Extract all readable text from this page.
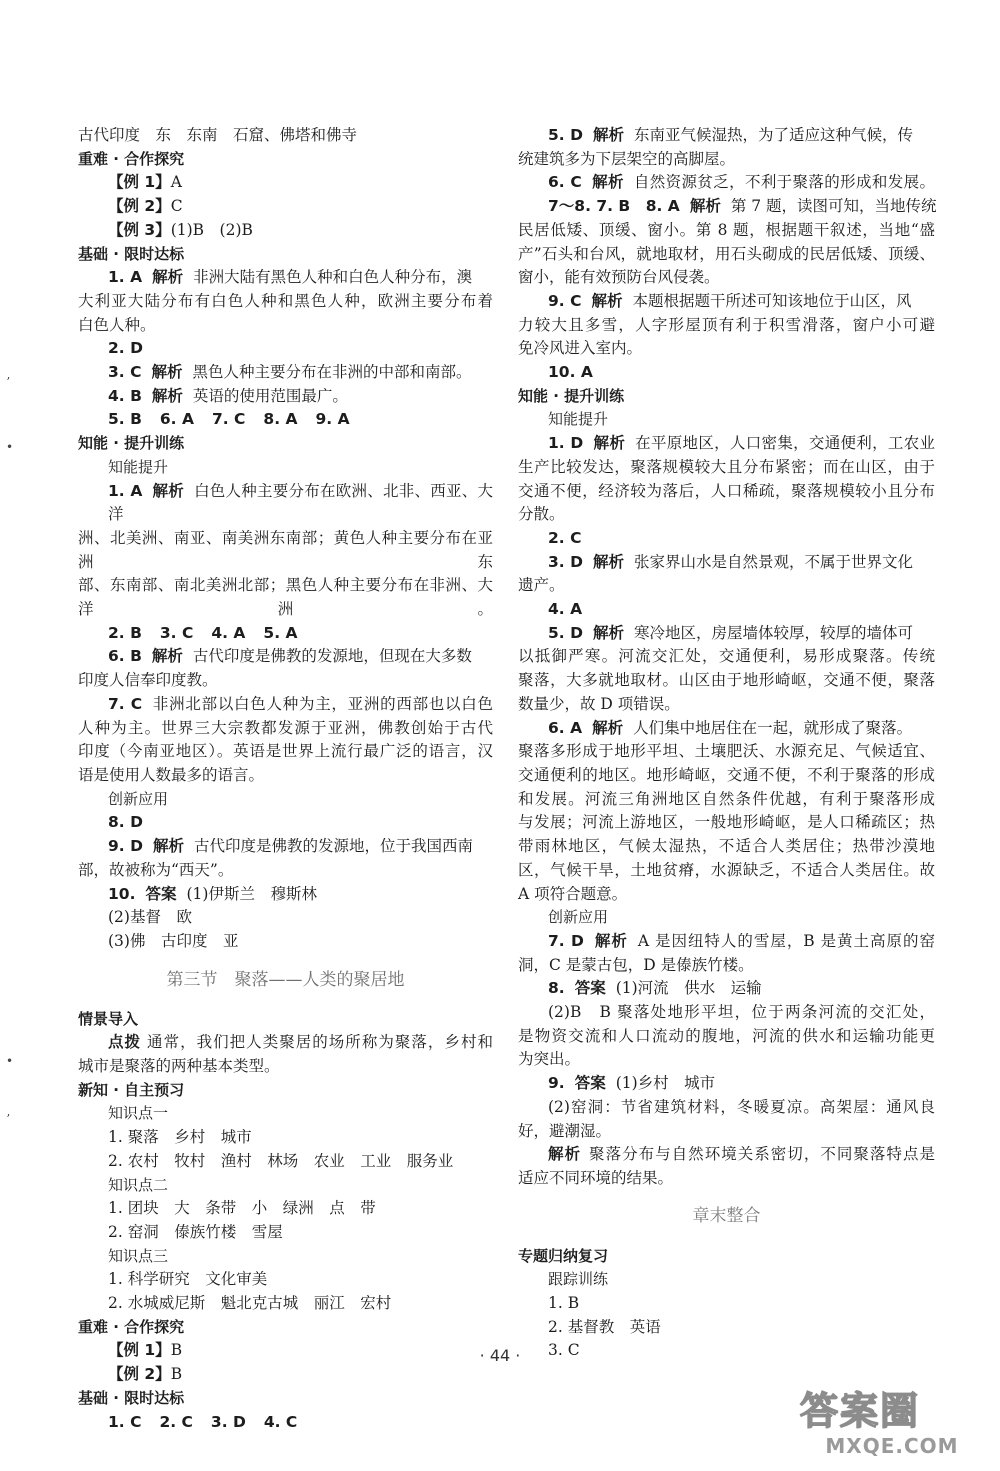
古代印度　东　东南　石窟、佛塔和佛寺
重难 · 合作探究
【例 1】A
【例 2】C
【例 3】(1)B　(2)B
基础 · 限时达标
1. A 解析 非洲大陆有黑色人种和白色人种分布，澳
大利亚大陆分布有白色人种和黑色人种，欧洲主要分布着
白色人种。
2. D
3. C 解析 黑色人种主要分布在非洲的中部和南部。
4. B 解析 英语的使用范围最广。
5. B 6. A 7. C 8. A 9. A
知能 · 提升训练
知能提升
1. A 解析 白色人种主要分布在欧洲、北非、西亚、大洋
洲、北美洲、南亚、南美洲东南部；黄色人种主要分布在亚洲东
部、东南部、南北美洲北部；黑色人种主要分布在非洲、大洋洲。
2. B 3. C 4. A 5. A
6. B 解析 古代印度是佛教的发源地，但现在大多数
印度人信奉印度教。
7. C 非洲北部以白色人种为主，亚洲的西部也以白色
人种为主。世界三大宗教都发源于亚洲，佛教创始于古代
印度（今南亚地区）。英语是世界上流行最广泛的语言，汉
语是使用人数最多的语言。
创新应用
8. D
9. D 解析 古代印度是佛教的发源地，位于我国西南
部，故被称为“西天”。
10. 答案 (1)伊斯兰　穆斯林
(2)基督　欧
(3)佛　古印度　亚
第三节　聚落——人类的聚居地
情景导入
点拨 通常，我们把人类聚居的场所称为聚落，乡村和
城市是聚落的两种基本类型。
新知 · 自主预习
知识点一
1. 聚落　乡村　城市
2. 农村　牧村　渔村　林场　农业　工业　服务业
知识点二
1. 团块　大　条带　小　绿洲　点　带
2. 窑洞　傣族竹楼　雪屋
知识点三
1. 科学研究　文化审美
2. 水城威尼斯　魁北克古城　丽江　宏村
重难 · 合作探究
【例 1】B
【例 2】B
基础 · 限时达标
1. C 2. C 3. D 4. C
5. D 解析 东南亚气候湿热，为了适应这种气候，传
统建筑多为下层架空的高脚屋。
6. C 解析 自然资源贫乏，不利于聚落的形成和发展。
7～8. 7. B　8. A 解析 第 7 题，读图可知，当地传统
民居低矮、顶缓、窗小。第 8 题，根据题干叙述，当地“盛
产”石头和台风，就地取材，用石头砌成的民居低矮、顶缓、
窗小，能有效预防台风侵袭。
9. C 解析 本题根据题干所述可知该地位于山区，风
力较大且多雪，人字形屋顶有利于积雪滑落，窗户小可避
免冷风进入室内。
10. A
知能 · 提升训练
知能提升
1. D 解析 在平原地区，人口密集，交通便利，工农业
生产比较发达，聚落规模较大且分布紧密；而在山区，由于
交通不便，经济较为落后，人口稀疏，聚落规模较小且分布
分散。
2. C
3. D 解析 张家界山水是自然景观，不属于世界文化
遗产。
4. A
5. D 解析 寒冷地区，房屋墙体较厚，较厚的墙体可
以抵御严寒。河流交汇处，交通便利，易形成聚落。传统
聚落，大多就地取材。山区由于地形崎岖，交通不便，聚落
数量少，故 D 项错误。
6. A 解析 人们集中地居住在一起，就形成了聚落。
聚落多形成于地形平坦、土壤肥沃、水源充足、气候适宜、
交通便利的地区。地形崎岖，交通不便，不利于聚落的形成
和发展。河流三角洲地区自然条件优越，有利于聚落形成
与发展；河流上游地区，一般地形崎岖，是人口稀疏区；热
带雨林地区，气候太湿热，不适合人类居住；热带沙漠地
区，气候干旱，土地贫瘠，水源缺乏，不适合人类居住。故
A 项符合题意。
创新应用
7. D 解析 A 是因纽特人的雪屋，B 是黄土高原的窑
洞，C 是蒙古包，D 是傣族竹楼。
8. 答案 (1)河流　供水　运输
(2)B　B 聚落处地形平坦，位于两条河流的交汇处，
是物资交流和人口流动的腹地，河流的供水和运输功能更
为突出。
9. 答案 (1)乡村　城市
(2)窑洞：节省建筑材料，冬暖夏凉。高架屋：通风良
好，避潮湿。
解析 聚落分布与自然环境关系密切，不同聚落特点是
适应不同环境的结果。
章末整合
专题归纳复习
跟踪训练
1. B
2. 基督教　英语
3. C
ʼ
•
•
ʼ
· 44 ·
答案圈
MXQE.COM
